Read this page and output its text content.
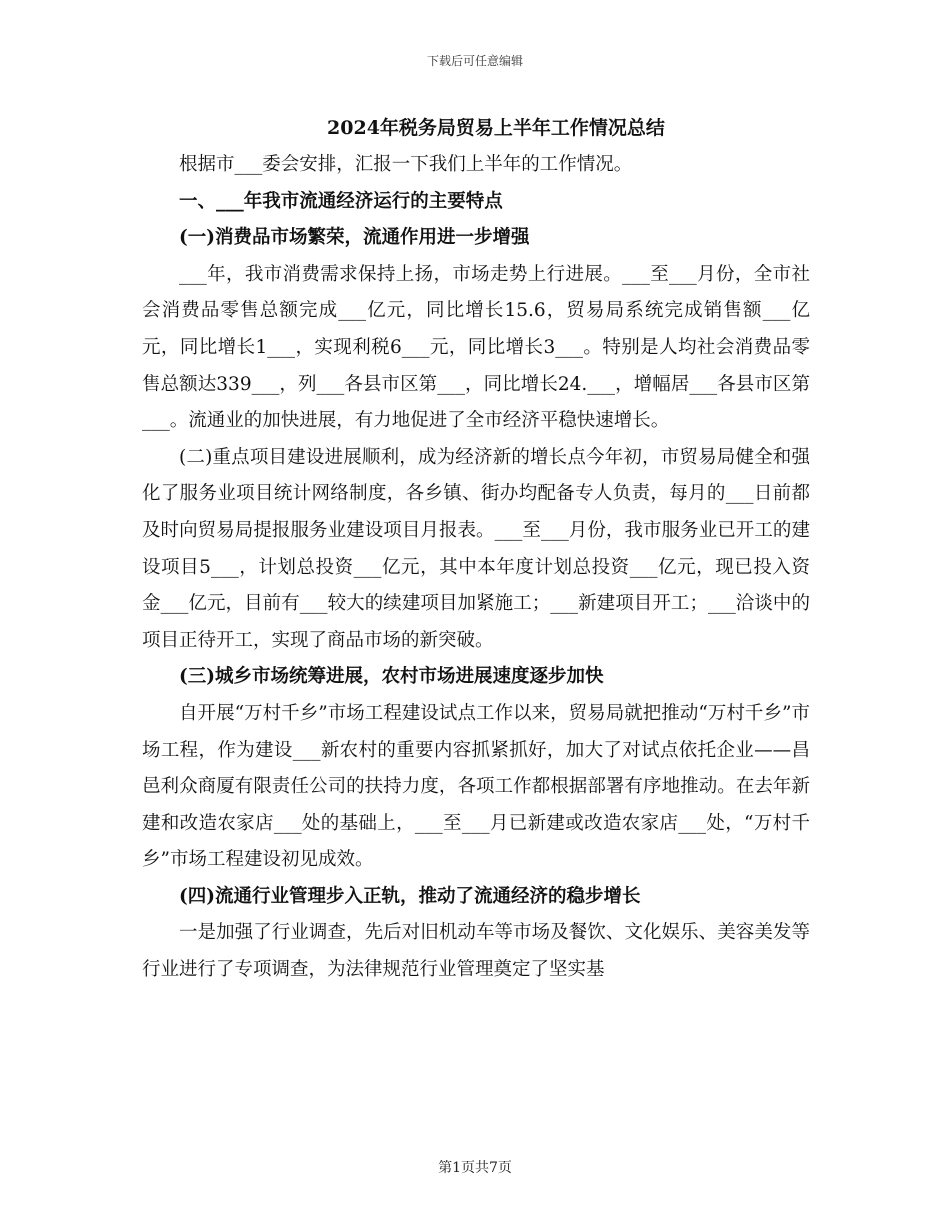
下载后可任意编辑
2024年税务局贸易上半年工作情况总结

根据市___委会安排，汇报一下我们上半年的工作情况。

一、___年我市流通经济运行的主要特点

(一)消费品市场繁荣，流通作用进一步增强

___年，我市消费需求保持上扬，市场走势上行进展。___至___月份，全市社会消费品零售总额完成___亿元，同比增长15.6，贸易局系统完成销售额___亿元，同比增长1___，实现利税6___元，同比增长3___。特别是人均社会消费品零售总额达339___，列___各县市区第___，同比增长24.___，增幅居___各县市区第___。流通业的加快进展，有力地促进了全市经济平稳快速增长。

(二)重点项目建设进展顺利，成为经济新的增长点今年初，市贸易局健全和强化了服务业项目统计网络制度，各乡镇、街办均配备专人负责，每月的___日前都及时向贸易局提报服务业建设项目月报表。___至___月份，我市服务业已开工的建设项目5___，计划总投资___亿元，其中本年度计划总投资___亿元，现已投入资金___亿元，目前有___较大的续建项目加紧施工；___新建项目开工；___洽谈中的项目正待开工，实现了商品市场的新突破。

(三)城乡市场统筹进展，农村市场进展速度逐步加快

自开展“万村千乡”市场工程建设试点工作以来，贸易局就把推动“万村千乡”市场工程，作为建设___新农村的重要内容抓紧抓好，加大了对试点依托企业——昌邑利众商厦有限责任公司的扶持力度，各项工作都根据部署有序地推动。在去年新建和改造农家店___处的基础上，___至___月已新建或改造农家店___处，“万村千乡”市场工程建设初见成效。

(四)流通行业管理步入正轨，推动了流通经济的稳步增长

一是加强了行业调查，先后对旧机动车等市场及餐饮、文化娱乐、美容美发等行业进行了专项调查，为法律规范行业管理奠定了坚实基

第1页共7页
